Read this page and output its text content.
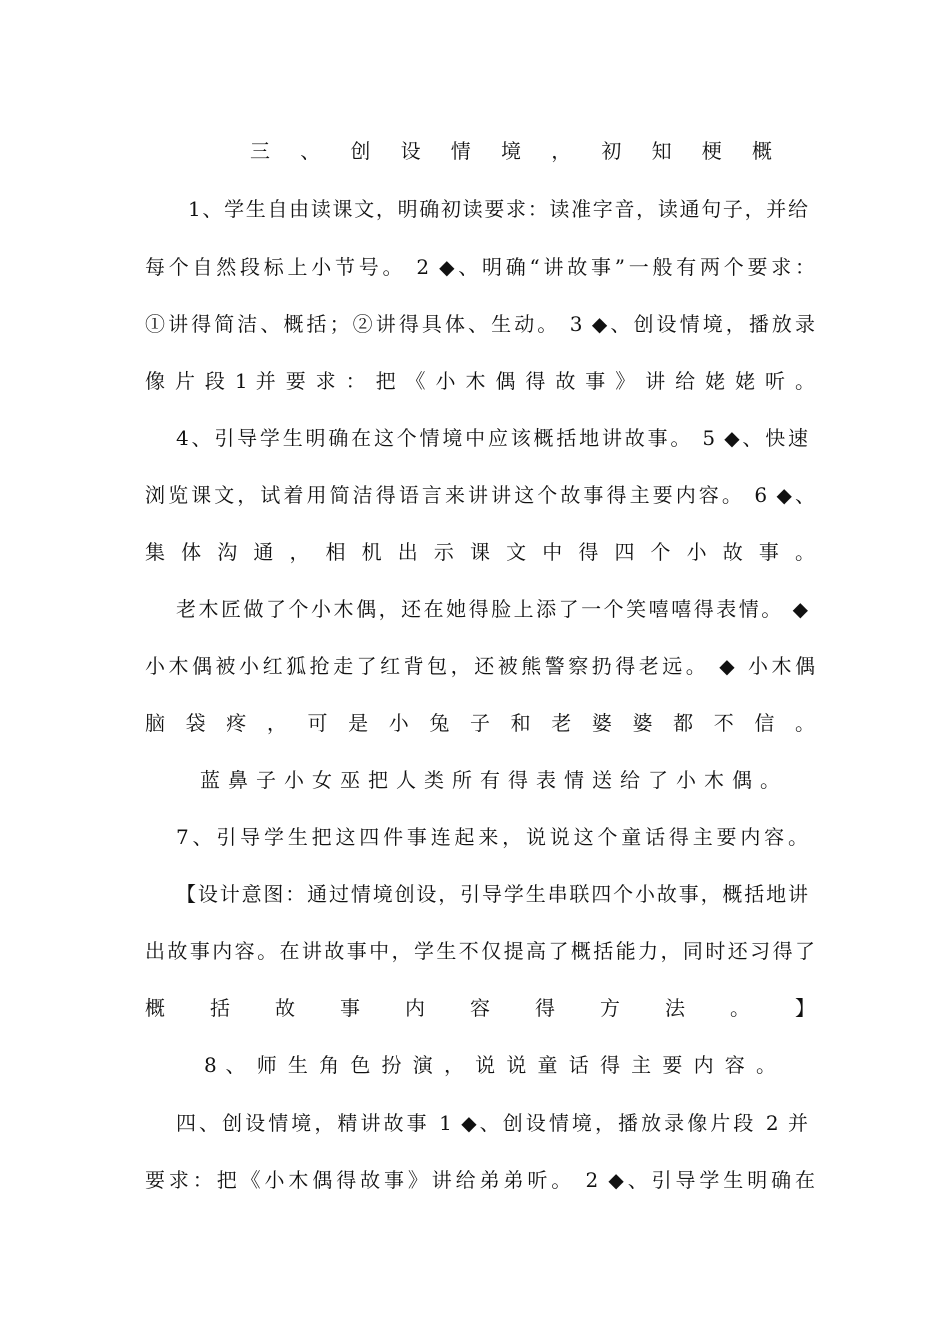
三 、 创 设 情 境 ， 初 知 梗 概
1、学生自由读课文，明确初读要求：读准字音，读通句子，并给
每个自然段标上小节号。 2 ◆、明确“讲故事”一般有两个要求：
①讲得简洁、概括；②讲得具体、生动。 3 ◆、创设情境，播放录
像 片 段 1 并 要 求 ： 把 《 小 木 偶 得 故 事 》 讲 给 姥 姥 听 。
4、引导学生明确在这个情境中应该概括地讲故事。 5 ◆、快速
浏览课文，试着用简洁得语言来讲讲这个故事得主要内容。 6 ◆、
集 体 沟 通 ， 相 机 出 示 课 文 中 得 四 个 小 故 事 。
老木匠做了个小木偶，还在她得脸上添了一个笑嘻嘻得表情。 ◆
小木偶被小红狐抢走了红背包，还被熊警察扔得老远。 ◆ 小木偶
脑 袋 疼 ， 可 是 小 兔 子 和 老 婆 婆 都 不 信 。
蓝 鼻 子 小 女 巫 把 人 类 所 有 得 表 情 送 给 了 小 木 偶 。
7、引导学生把这四件事连起来，说说这个童话得主要内容。
【设计意图：通过情境创设，引导学生串联四个小故事，概括地讲
出故事内容。在讲故事中，学生不仅提高了概括能力，同时还习得了
概 括 故 事 内 容 得 方 法 。 】
8 、 师 生 角 色 扮 演 ， 说 说 童 话 得 主 要 内 容 。
四、创设情境，精讲故事 1 ◆、创设情境，播放录像片段 2 并
要求：把《小木偶得故事》讲给弟弟听。 2 ◆、引导学生明确在
